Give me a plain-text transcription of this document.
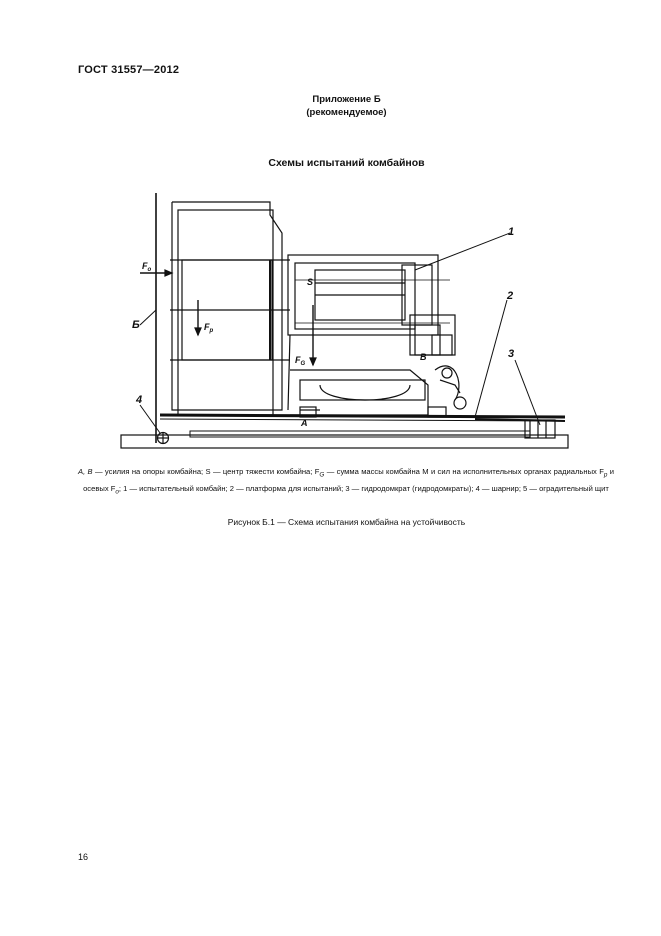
ГОСТ 31557—2012
Приложение Б
(рекомендуемое)
Схемы испытаний комбайнов
$F_o$
$F_p$
$F_G$
S
A
B
1
2
3
4
Б
A, B — усилия на опоры комбайна; S — центр тяжести комбайна; $F_G$ — сумма массы комбайна М и сил на исполнительных органах радиальных $F_p$ и осевых $F_o$; 1 — испытательный комбайн; 2 — платформа для испытаний; 3 — гидродомкрат (гидродомкраты); 4 — шарнир; 5 — оградительный щит
Рисунок Б.1 — Схема испытания комбайна на устойчивость
16
